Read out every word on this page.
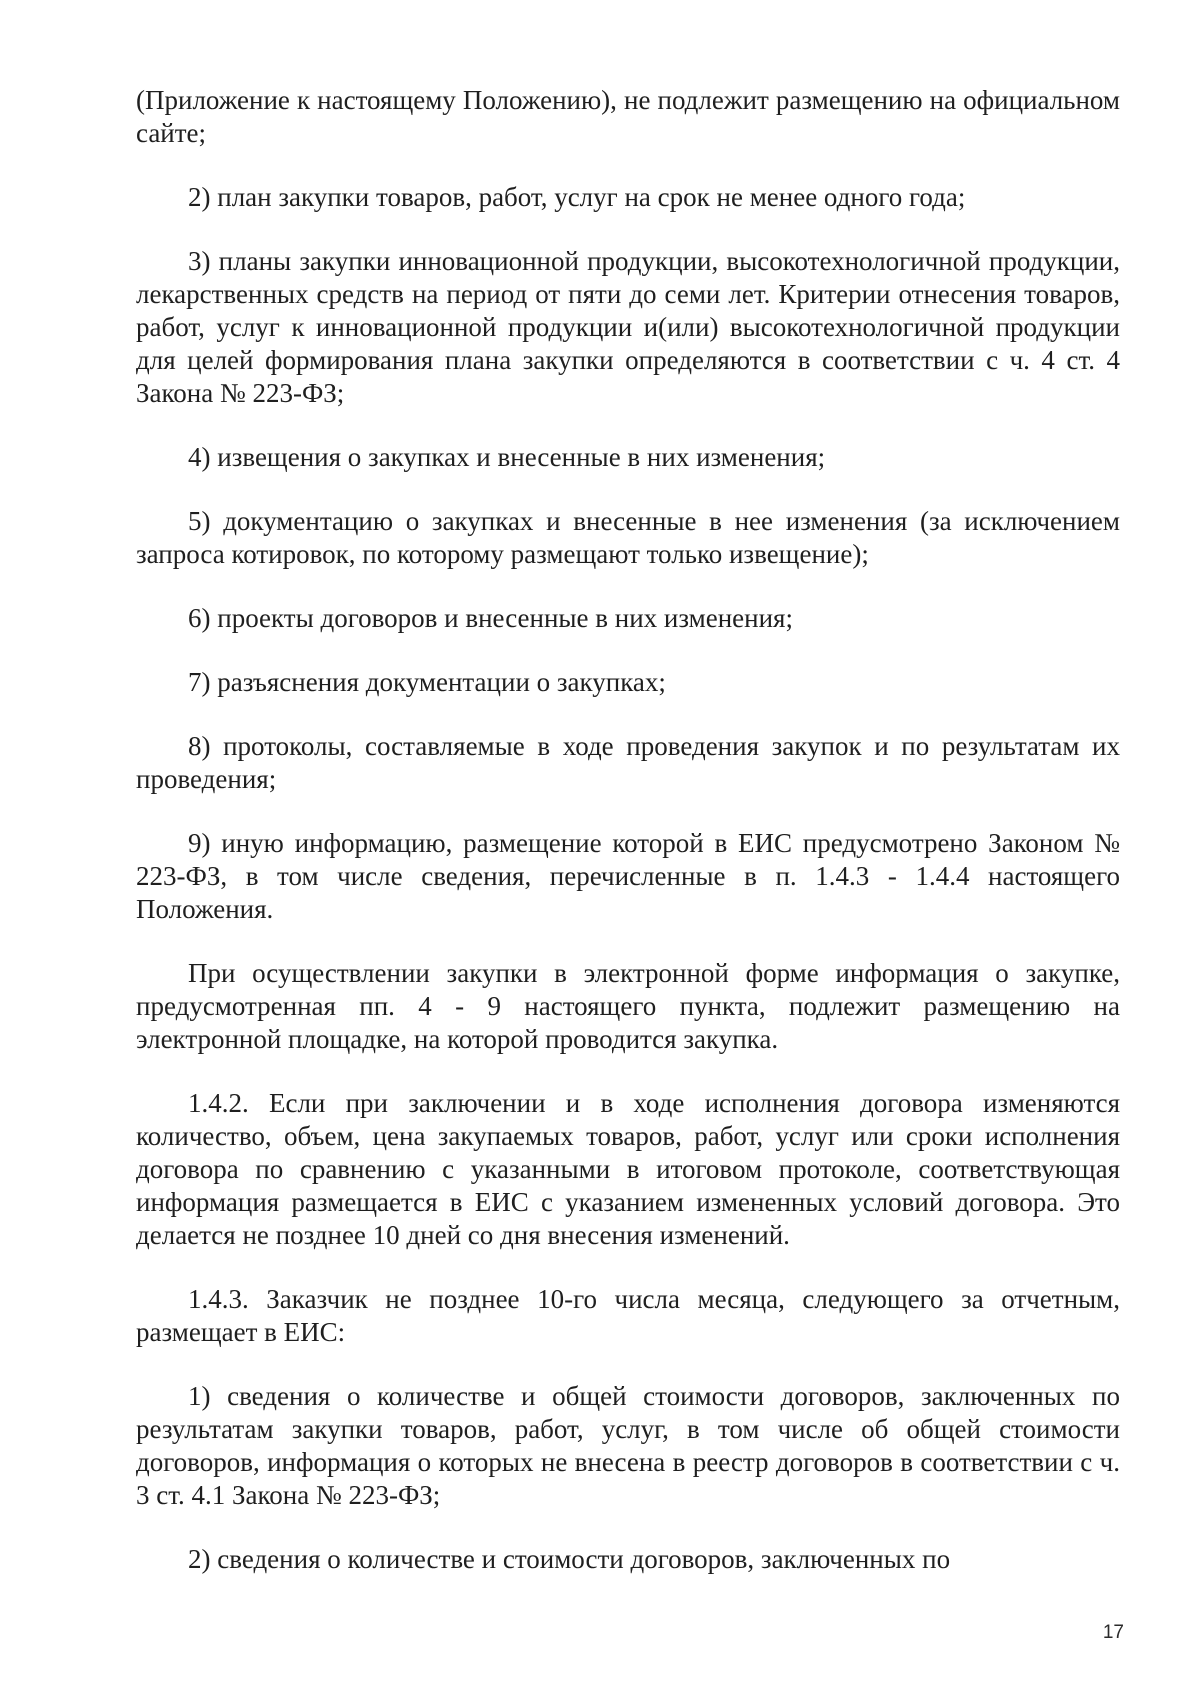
(Приложение к настоящему Положению), не подлежит размещению на официальном сайте;

2) план закупки товаров, работ, услуг на срок не менее одного года;

3) планы закупки инновационной продукции, высокотехнологичной продукции, лекарственных средств на период от пяти до семи лет. Критерии отнесения товаров, работ, услуг к инновационной продукции и(или) высокотехнологичной продукции для целей формирования плана закупки определяются в соответствии с ч. 4 ст. 4 Закона № 223-ФЗ;

4) извещения о закупках и внесенные в них изменения;

5) документацию о закупках и внесенные в нее изменения (за исключением запроса котировок, по которому размещают только извещение);

6) проекты договоров и внесенные в них изменения;

7) разъяснения документации о закупках;

8) протоколы, составляемые в ходе проведения закупок и по результатам их проведения;

9) иную информацию, размещение которой в ЕИС предусмотрено Законом № 223-ФЗ, в том числе сведения, перечисленные в п. 1.4.3 - 1.4.4 настоящего Положения.

При осуществлении закупки в электронной форме информация о закупке, предусмотренная пп. 4 - 9 настоящего пункта, подлежит размещению на электронной площадке, на которой проводится закупка.

1.4.2. Если при заключении и в ходе исполнения договора изменяются количество, объем, цена закупаемых товаров, работ, услуг или сроки исполнения договора по сравнению с указанными в итоговом протоколе, соответствующая информация размещается в ЕИС с указанием измененных условий договора. Это делается не позднее 10 дней со дня внесения изменений.

1.4.3. Заказчик не позднее 10-го числа месяца, следующего за отчетным, размещает в ЕИС:

1) сведения о количестве и общей стоимости договоров, заключенных по результатам закупки товаров, работ, услуг, в том числе об общей стоимости договоров, информация о которых не внесена в реестр договоров в соответствии с ч. 3 ст. 4.1 Закона № 223-ФЗ;

2) сведения о количестве и стоимости договоров, заключенных по

17
